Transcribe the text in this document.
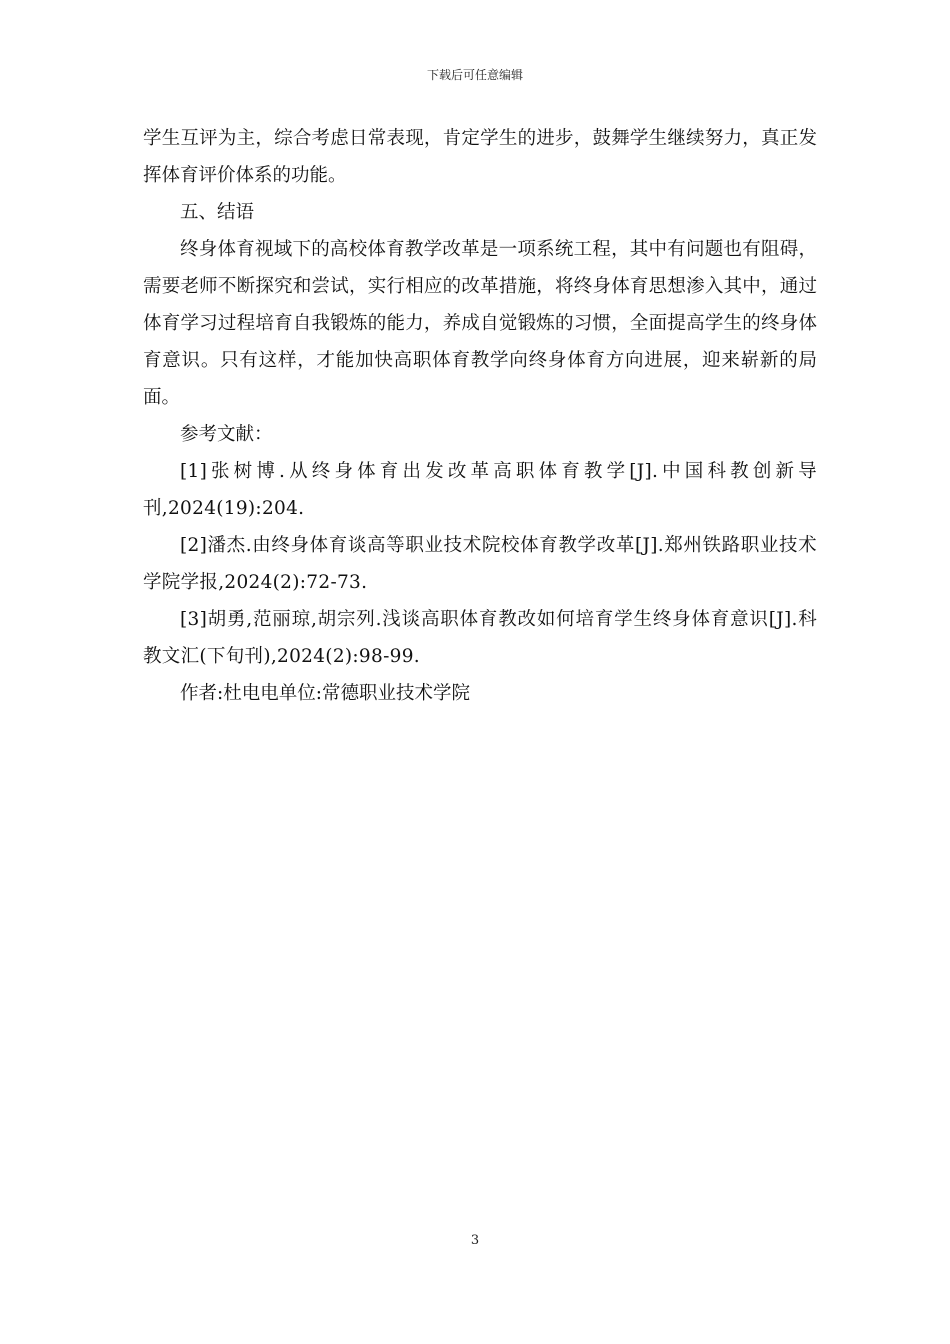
下载后可任意编辑

学生互评为主，综合考虑日常表现，肯定学生的进步，鼓舞学生继续努力，真正发挥体育评价体系的功能。

五、结语

终身体育视域下的高校体育教学改革是一项系统工程，其中有问题也有阻碍，需要老师不断探究和尝试，实行相应的改革措施，将终身体育思想渗入其中，通过体育学习过程培育自我锻炼的能力，养成自觉锻炼的习惯，全面提高学生的终身体育意识。只有这样，才能加快高职体育教学向终身体育方向进展，迎来崭新的局面。

参考文献：

[1]张树博.从终身体育出发改革高职体育教学[J].中国科教创新导刊,2024(19):204.

[2]潘杰.由终身体育谈高等职业技术院校体育教学改革[J].郑州铁路职业技术学院学报,2024(2):72-73.

[3]胡勇,范丽琼,胡宗列.浅谈高职体育教改如何培育学生终身体育意识[J].科教文汇(下旬刊),2024(2):98-99.

作者:杜电电单位:常德职业技术学院

3
